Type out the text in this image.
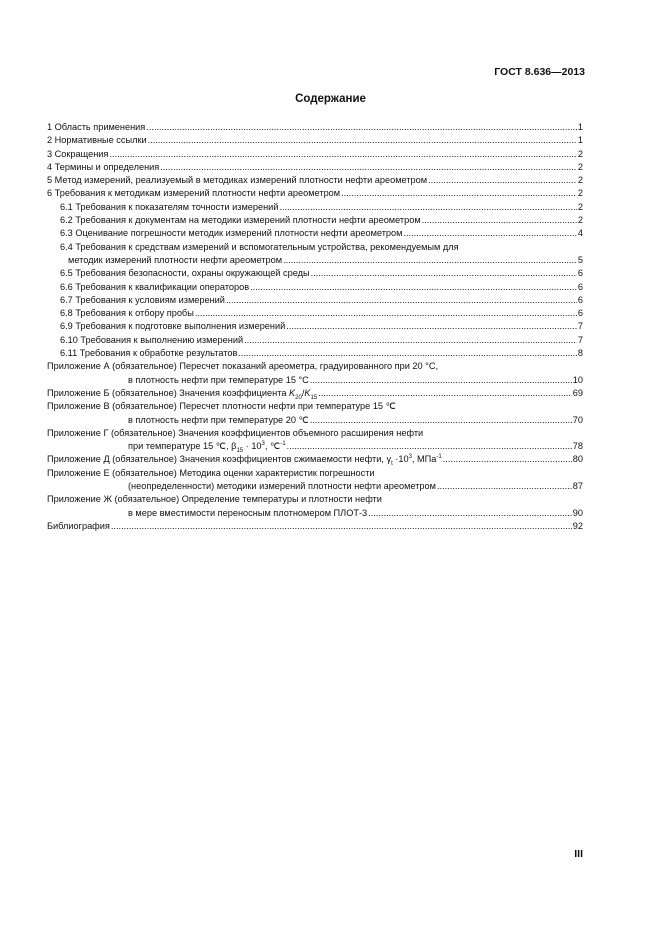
ГОСТ 8.636—2013
Содержание
1 Область применения .....	1
2 Нормативные ссылки .....	1
3 Сокращения .....	2
4 Термины и определения .....	2
5 Метод измерений, реализуемый в методиках измерений плотности нефти ареометром .....	2
6 Требования к методикам измерений плотности нефти ареометром .....	2
6.1 Требования к показателям точности измерений .....	2
6.2 Требования к документам на методики измерений плотности нефти ареометром .....	2
6.3 Оценивание погрешности методик измерений плотности нефти ареометром .....	4
6.4 Требования к средствам измерений и вспомогательным устройства, рекомендуемым для
методик измерений плотности нефти ареометром .....	5
6.5 Требования безопасности, охраны окружающей среды .....	6
6.6 Требования к квалификации операторов .....	6
6.7 Требования к условиям измерений .....	6
6.8 Требования к отбору пробы .....	6
6.9 Требования к подготовке выполнения измерений .....	7
6.10 Требования к выполнению измерений .....	7
6.11 Требования к обработке результатов .....	8
Приложение А (обязательное) Пересчет показаний ареометра, градуированного при 20 °С,
в плотность нефти при температуре 15 °С .....	10
Приложение Б (обязательное) Значения коэффициента $K_{20}/K_{15}$ .....	69
Приложение В (обязательное) Пересчет плотности нефти при температуре 15 ℃
в плотность нефти при температуре 20 ℃ .....	70
Приложение Г (обязательное) Значения коэффициентов объемного расширения нефти
при температуре 15 ℃, $\beta_{15} \cdot 10^3$, ℃$^{-1}$ .....	78
Приложение Д (обязательное) Значения коэффициентов сжимаемости нефти, $\gamma_t \cdot 10^3$, МПа$^{-1}$ .....	80
Приложение Е (обязательное) Методика оценки характеристик погрешности
(неопределенности) методики измерений плотности нефти ареометром .....	87
Приложение Ж (обязательное) Определение температуры и плотности нефти
в мере вместимости переносным плотномером ПЛОТ-3 .....	90
Библиография .....	92
III
